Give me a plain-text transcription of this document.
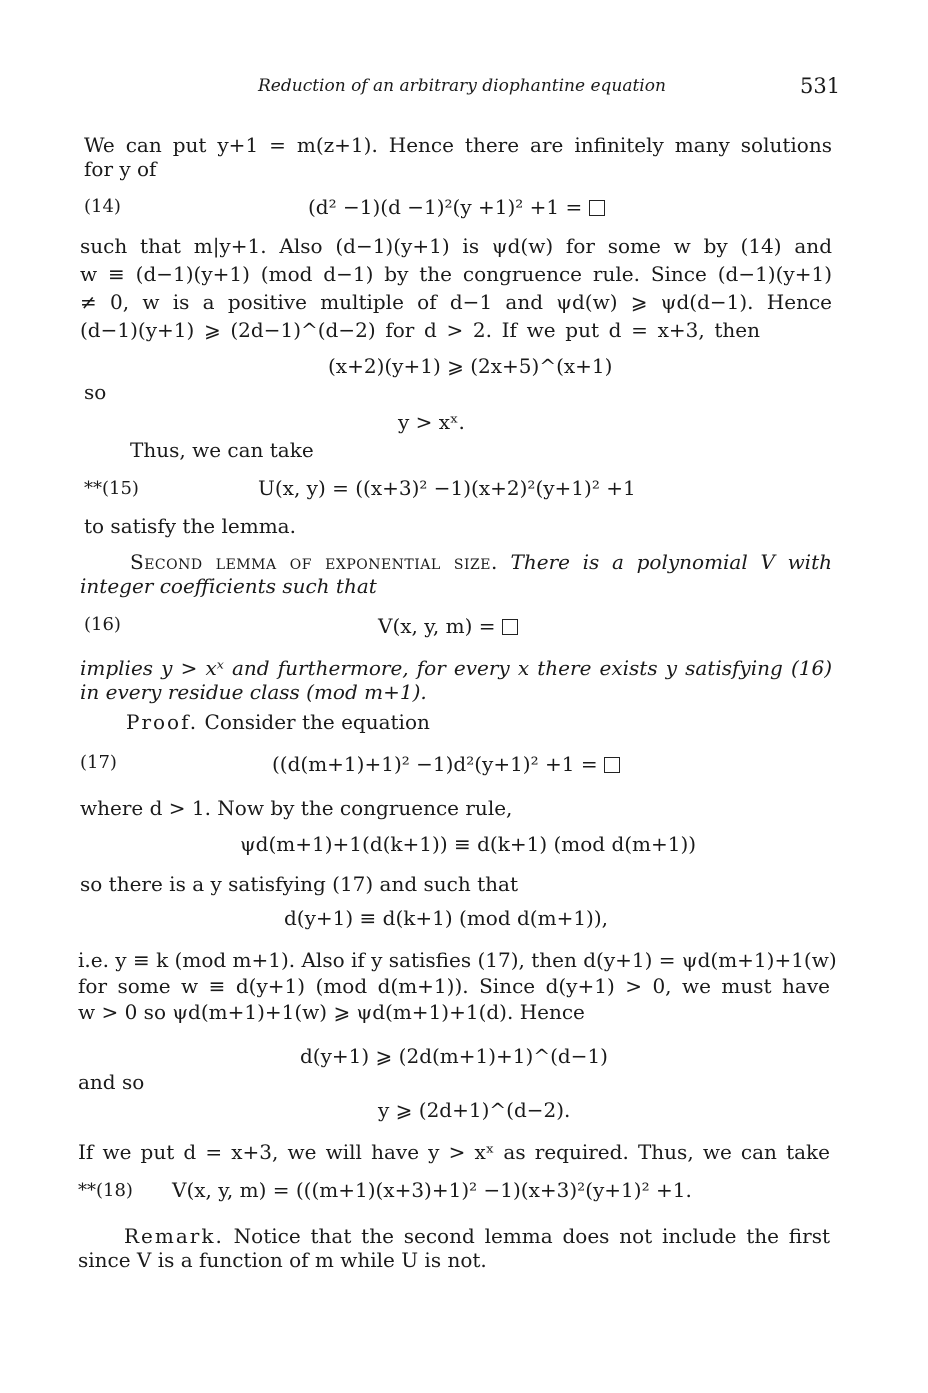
Reduction of an arbitrary diophantine equation	531
We can put y+1 = m(z+1). Hence there are infinitely many solutions
for y of
(14)	(d² −1)(d −1)²(y +1)² +1 =
such that m|y+1. Also (d−1)(y+1) is ψd(w) for some w by (14) and
w ≡ (d−1)(y+1) (mod d−1) by the congruence rule. Since (d−1)(y+1)
≠ 0, w is a positive multiple of d−1 and ψd(w) ⩾ ψd(d−1). Hence
(d−1)(y+1) ⩾ (2d−1)^(d−2) for d > 2. If we put d = x+3, then
(x+2)(y+1) ⩾ (2x+5)^(x+1)
so
y > xˣ.
Thus, we can take
**(15)	U(x, y) = ((x+3)² −1)(x+2)²(y+1)² +1
to satisfy the lemma.
Second lemma of exponential size. There is a polynomial V with
integer coefficients such that
(16)	V(x, y, m) =
implies y > xˣ and furthermore, for every x there exists y satisfying (16)
in every residue class (mod m+1).
Proof. Consider the equation
(17)	((d(m+1)+1)² −1)d²(y+1)² +1 =
where d > 1. Now by the congruence rule,
ψd(m+1)+1(d(k+1)) ≡ d(k+1) (mod d(m+1))
so there is a y satisfying (17) and such that
d(y+1) ≡ d(k+1) (mod d(m+1)),
i.e. y ≡ k (mod m+1). Also if y satisfies (17), then d(y+1) = ψd(m+1)+1(w)
for some w ≡ d(y+1) (mod d(m+1)). Since d(y+1) > 0, we must have
w > 0 so ψd(m+1)+1(w) ⩾ ψd(m+1)+1(d). Hence
d(y+1) ⩾ (2d(m+1)+1)^(d−1)
and so
y ⩾ (2d+1)^(d−2).
If we put d = x+3, we will have y > xˣ as required. Thus, we can take
**(18) V(x, y, m) = (((m+1)(x+3)+1)² −1)(x+3)²(y+1)² +1.
Remark. Notice that the second lemma does not include the first
since V is a function of m while U is not.
